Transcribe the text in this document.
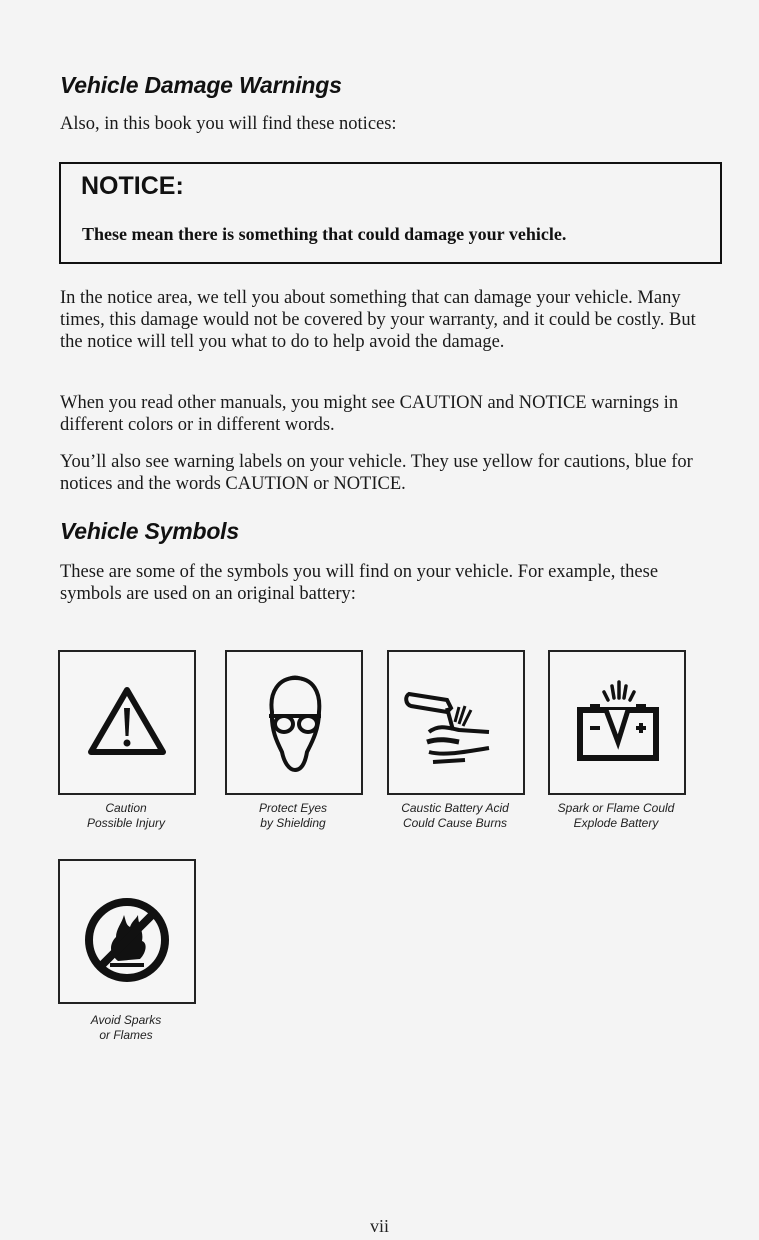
Vehicle Damage Warnings
Also, in this book you will find these notices:
NOTICE:
These mean there is something that could damage your vehicle.
In the notice area, we tell you about something that can damage your vehicle. Many times, this damage would not be covered by your warranty, and it could be costly. But the notice will tell you what to do to help avoid the damage.
When you read other manuals, you might see CAUTION and NOTICE warnings in different colors or in different words.
You’ll also see warning labels on your vehicle. They use yellow for cautions, blue for notices and the words CAUTION or NOTICE.
Vehicle Symbols
These are some of the symbols you will find on your vehicle. For example, these symbols are used on an original battery:
Caution
Possible Injury
Protect Eyes
by Shielding
Caustic Battery Acid
Could Cause Burns
Spark or Flame Could
Explode Battery
Avoid Sparks
or Flames
vii
